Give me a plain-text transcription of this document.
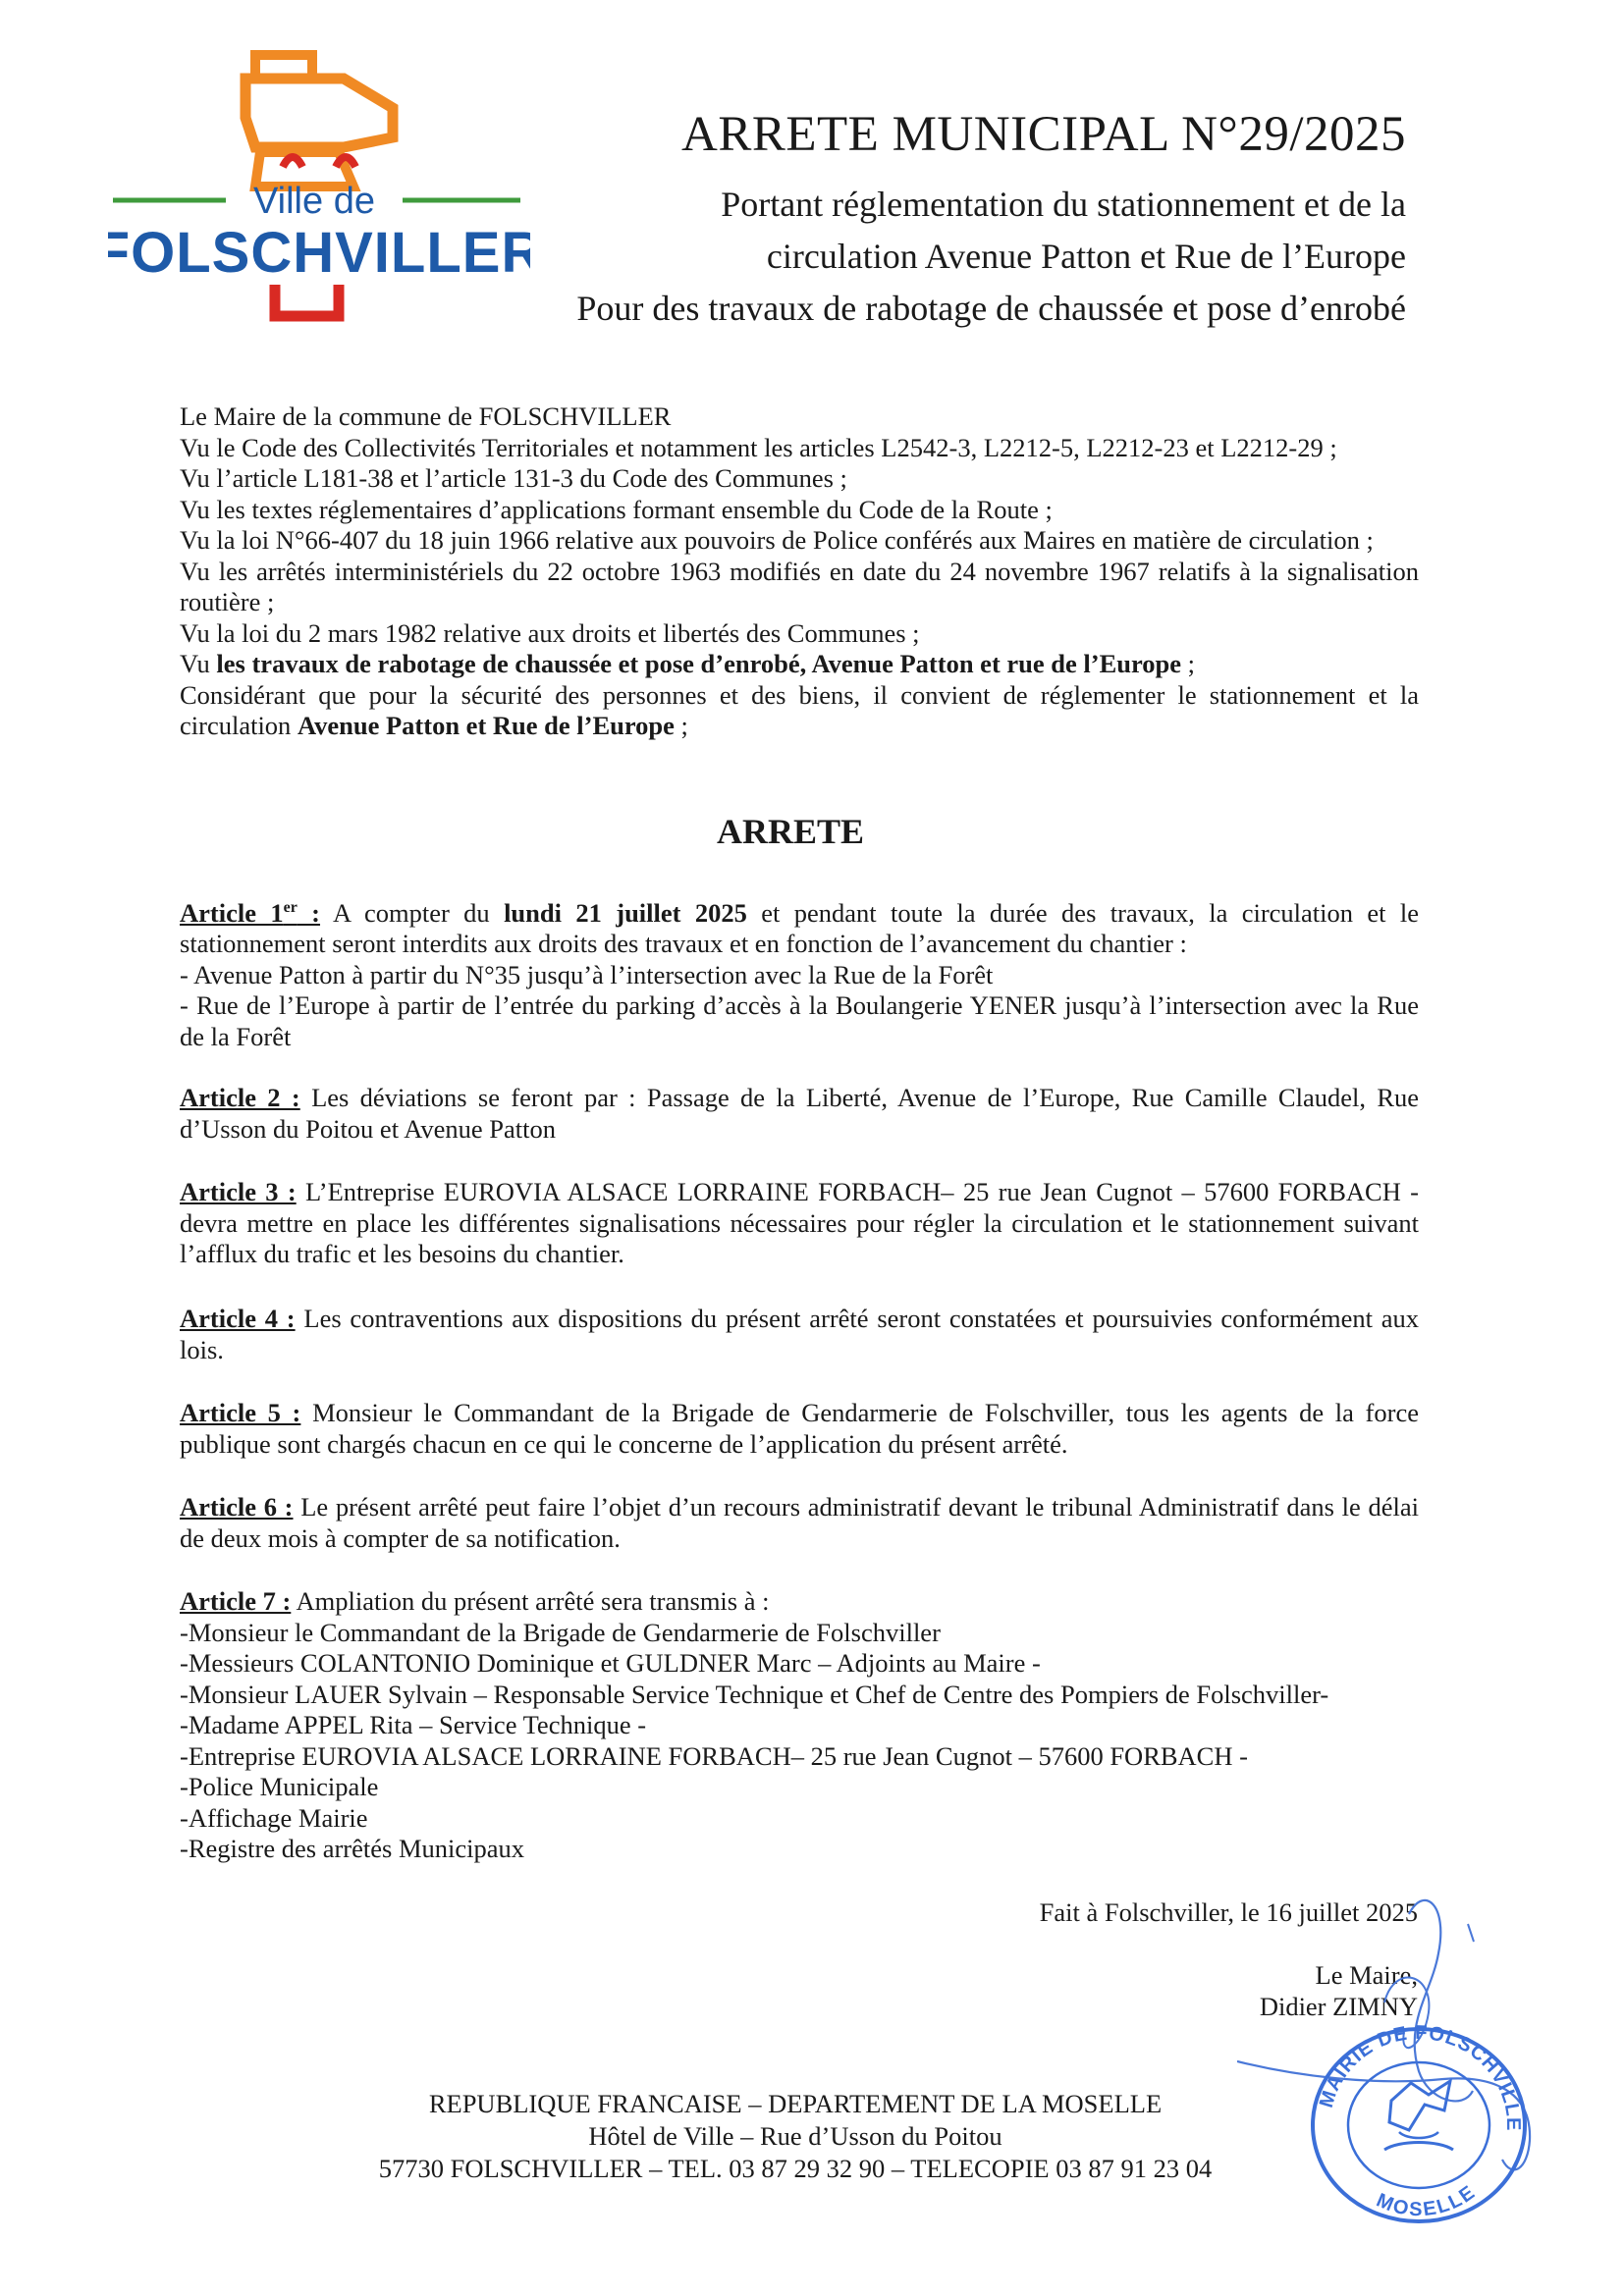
Ville de
FOLSCHVILLER
ARRETE MUNICIPAL N°29/2025
Portant réglementation du stationnement et de la
circulation Avenue Patton et Rue de l’Europe
Pour des travaux de rabotage de chaussée et pose d’enrobé
Le Maire de la commune de FOLSCHVILLER
Vu le Code des Collectivités Territoriales et notamment les articles L2542-3, L2212-5, L2212-23 et L2212-29 ;
Vu l’article L181-38 et l’article 131-3 du Code des Communes ;
Vu les textes réglementaires d’applications formant ensemble du Code de la Route ;
Vu la loi N°66-407 du 18 juin 1966 relative aux pouvoirs de Police conférés aux Maires en matière de circulation ;
Vu les arrêtés interministériels du 22 octobre 1963 modifiés en date du 24 novembre 1967 relatifs à la signalisation routière ;
Vu la loi du 2 mars 1982 relative aux droits et libertés des Communes ;
Vu les travaux de rabotage de chaussée et pose d’enrobé, Avenue Patton et rue de l’Europe ;
Considérant que pour la sécurité des personnes et des biens, il convient de réglementer le stationnement et la circulation Avenue Patton et Rue de l’Europe ;
ARRETE
Article 1er : A compter du lundi 21 juillet 2025 et pendant toute la durée des travaux, la circulation et le stationnement seront interdits aux droits des travaux et en fonction de l’avancement du chantier :
- Avenue Patton à partir du N°35 jusqu’à l’intersection avec la Rue de la Forêt
- Rue de l’Europe à partir de l’entrée du parking d’accès à la Boulangerie YENER jusqu’à l’intersection avec la Rue de la Forêt
Article 2 : Les déviations se feront par : Passage de la Liberté, Avenue de l’Europe, Rue Camille Claudel, Rue d’Usson du Poitou et Avenue Patton
Article 3 : L’Entreprise EUROVIA ALSACE LORRAINE FORBACH– 25 rue Jean Cugnot – 57600 FORBACH - devra mettre en place les différentes signalisations nécessaires pour régler la circulation et le stationnement suivant l’afflux du trafic et les besoins du chantier.
Article 4 : Les contraventions aux dispositions du présent arrêté seront constatées et poursuivies conformément aux lois.
Article 5 : Monsieur le Commandant de la Brigade de Gendarmerie de Folschviller, tous les agents de la force publique sont chargés chacun en ce qui le concerne de l’application du présent arrêté.
Article 6 : Le présent arrêté peut faire l’objet d’un recours administratif devant le tribunal Administratif dans le délai de deux mois à compter de sa notification.
Article 7 : Ampliation du présent arrêté sera transmis à :
-Monsieur le Commandant de la Brigade de Gendarmerie de Folschviller
-Messieurs COLANTONIO Dominique et GULDNER Marc – Adjoints au Maire -
-Monsieur LAUER Sylvain – Responsable Service Technique et Chef de Centre des Pompiers de Folschviller-
-Madame APPEL Rita – Service Technique -
-Entreprise EUROVIA ALSACE LORRAINE FORBACH– 25 rue Jean Cugnot – 57600 FORBACH -
-Police Municipale
-Affichage Mairie
-Registre des arrêtés Municipaux
Fait à Folschviller, le 16 juillet 2025
Le Maire,
Didier ZIMNY
REPUBLIQUE FRANCAISE – DEPARTEMENT DE LA MOSELLE
Hôtel de Ville – Rue d’Usson du Poitou
57730 FOLSCHVILLER – TEL. 03 87 29 32 90 – TELECOPIE 03 87 91 23 04
MAIRIE DE FOLSCHVILLE
MOSELLE
